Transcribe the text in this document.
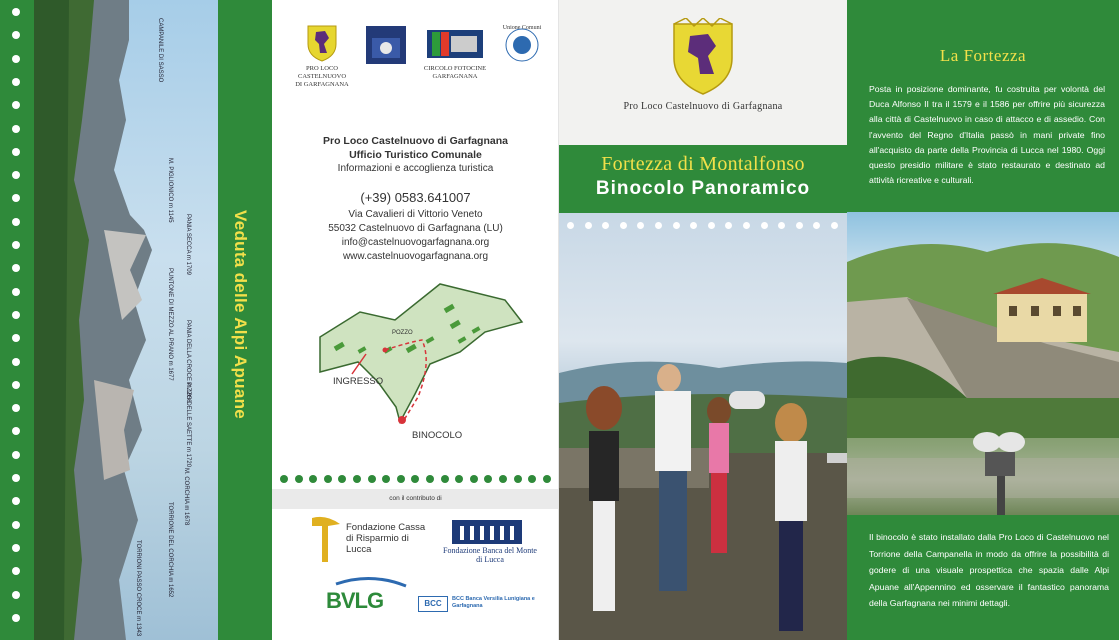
CAMPANILE DI SASSO
M. PIGLIONICO m 1145
PANIA SECCA m 1709
PUNTONE DI MEZZO AL PRANO m 1677 PANIA DELLA CROCE m 1858
PIZZO DELLE SAETTE m 1720
M. CORCHIA m 1678
TORRIONE DEL CORCHIA m 1652
TORRIONI PASSO CROCE m 1343
Veduta delle Alpi Apuane
PRO LOCO CASTELNUOVO
DI GARFAGNANA
CIRCOLO FOTOCINE
GARFAGNANA
Unione Comuni
Pro Loco Castelnuovo di Garfagnana
Ufficio Turistico Comunale
Informazioni e accoglienza turistica
(+39) 0583.641007
Via Cavalieri di Vittorio Veneto
55032 Castelnuovo di Garfagnana (LU)
info@castelnuovogarfagnana.org
www.castelnuovogarfagnana.org
POZZO
INGRESSO
BINOCOLO
con il contributo di
Fondazione Cassa di Risparmio di Lucca	Fondazione Banca del Monte di Lucca
BVLG	BCC	BCC Banca Versilia Lunigiana e Garfagnana
Pro Loco Castelnuovo di Garfagnana
Fortezza di Montalfonso
Binocolo Panoramico
La Fortezza
Posta in posizione dominante, fu costruita per volontà del Duca Alfonso II tra il 1579 e il 1586 per offrire più sicurezza alla città di Castelnuovo in caso di attacco e di assedio. Con l'avvento del Regno d'Italia passò in mani private fino all'acquisto da parte della Provincia di Lucca nel 1980. Oggi questo presidio militare è stato restaurato e destinato ad attività ricreative e culturali.
Il binocolo è stato installato dalla Pro Loco di Castelnuovo nel Torrione della Campanella in modo da offrire la possibilità di godere di una visuale prospettica che spazia dalle Alpi Apuane all'Appennino ed osservare il fantastico panorama della Garfagnana nei minimi dettagli.
